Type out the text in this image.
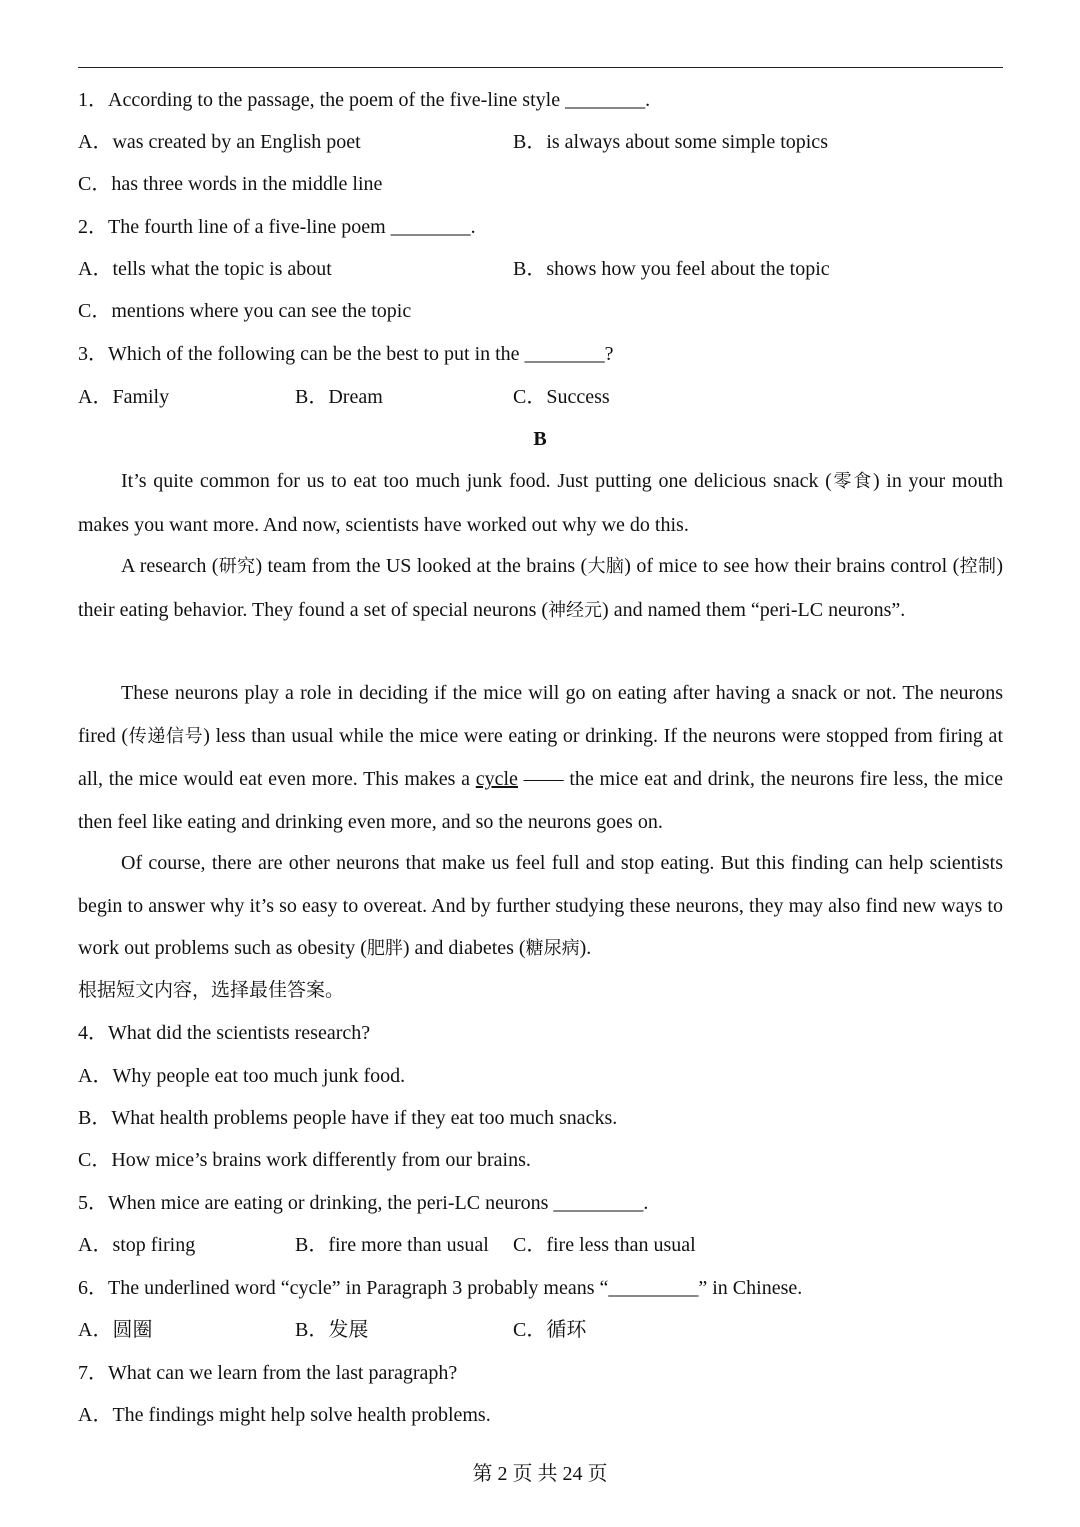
1．According to the passage, the poem of the five-line style ________.
A．was created by an English poet	B．is always about some simple topics
C．has three words in the middle line
2．The fourth line of a five-line poem ________.
A．tells what the topic is about	B．shows how you feel about the topic
C．mentions where you can see the topic
3．Which of the following can be the best to put in the ________?
A．Family	B．Dream	C．Success
B
It’s quite common for us to eat too much junk food. Just putting one delicious snack (零食) in your mouth makes you want more. And now, scientists have worked out why we do this.
A research (研究) team from the US looked at the brains (大脑) of mice to see how their brains control (控制) their eating behavior. They found a set of special neurons (神经元) and named them “peri-LC neurons”.
These neurons play a role in deciding if the mice will go on eating after having a snack or not. The neurons fired (传递信号) less than usual while the mice were eating or drinking. If the neurons were stopped from firing at all, the mice would eat even more. This makes a cycle —— the mice eat and drink, the neurons fire less, the mice then feel like eating and drinking even more, and so the neurons goes on.
Of course, there are other neurons that make us feel full and stop eating. But this finding can help scientists begin to answer why it’s so easy to overeat. And by further studying these neurons, they may also find new ways to work out problems such as obesity (肥胖) and diabetes (糖尿病).
根据短文内容，选择最佳答案。
4．What did the scientists research?
A．Why people eat too much junk food.
B．What health problems people have if they eat too much snacks.
C．How mice’s brains work differently from our brains.
5．When mice are eating or drinking, the peri-LC neurons _________.
A．stop firing	B．fire more than usual C．fire less than usual
6．The underlined word “cycle” in Paragraph 3 probably means “_________” in Chinese.
A．圆圈	B．发展	C．循环
7．What can we learn from the last paragraph?
A．The findings might help solve health problems.
第 2 页 共 24 页
